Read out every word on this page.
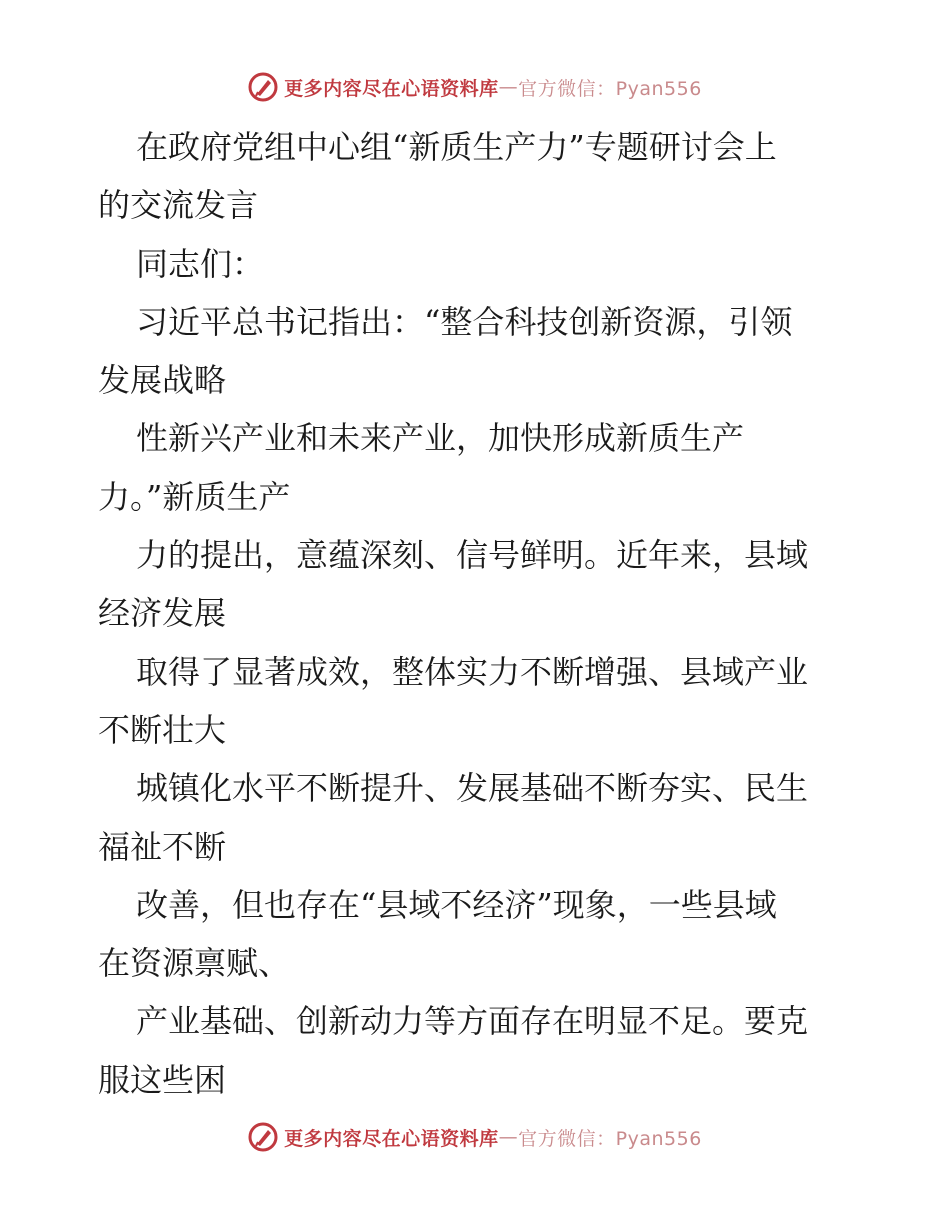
更多内容尽在心语资料库 — 官方微信：Pyan556
在政府党组中心组“新质生产力”专题研讨会上
的交流发言
同志们：
习近平总书记指出：“整合科技创新资源，引领
发展战略
性新兴产业和未来产业，加快形成新质生产
力。”新质生产
力的提出，意蕴深刻、信号鲜明。近年来，县域
经济发展
取得了显著成效，整体实力不断增强、县域产业
不断壮大
城镇化水平不断提升、发展基础不断夯实、民生
福祉不断
改善，但也存在“县域不经济”现象，一些县域
在资源禀赋、
产业基础、创新动力等方面存在明显不足。要克
服这些困
更多内容尽在心语资料库 — 官方微信：Pyan556
